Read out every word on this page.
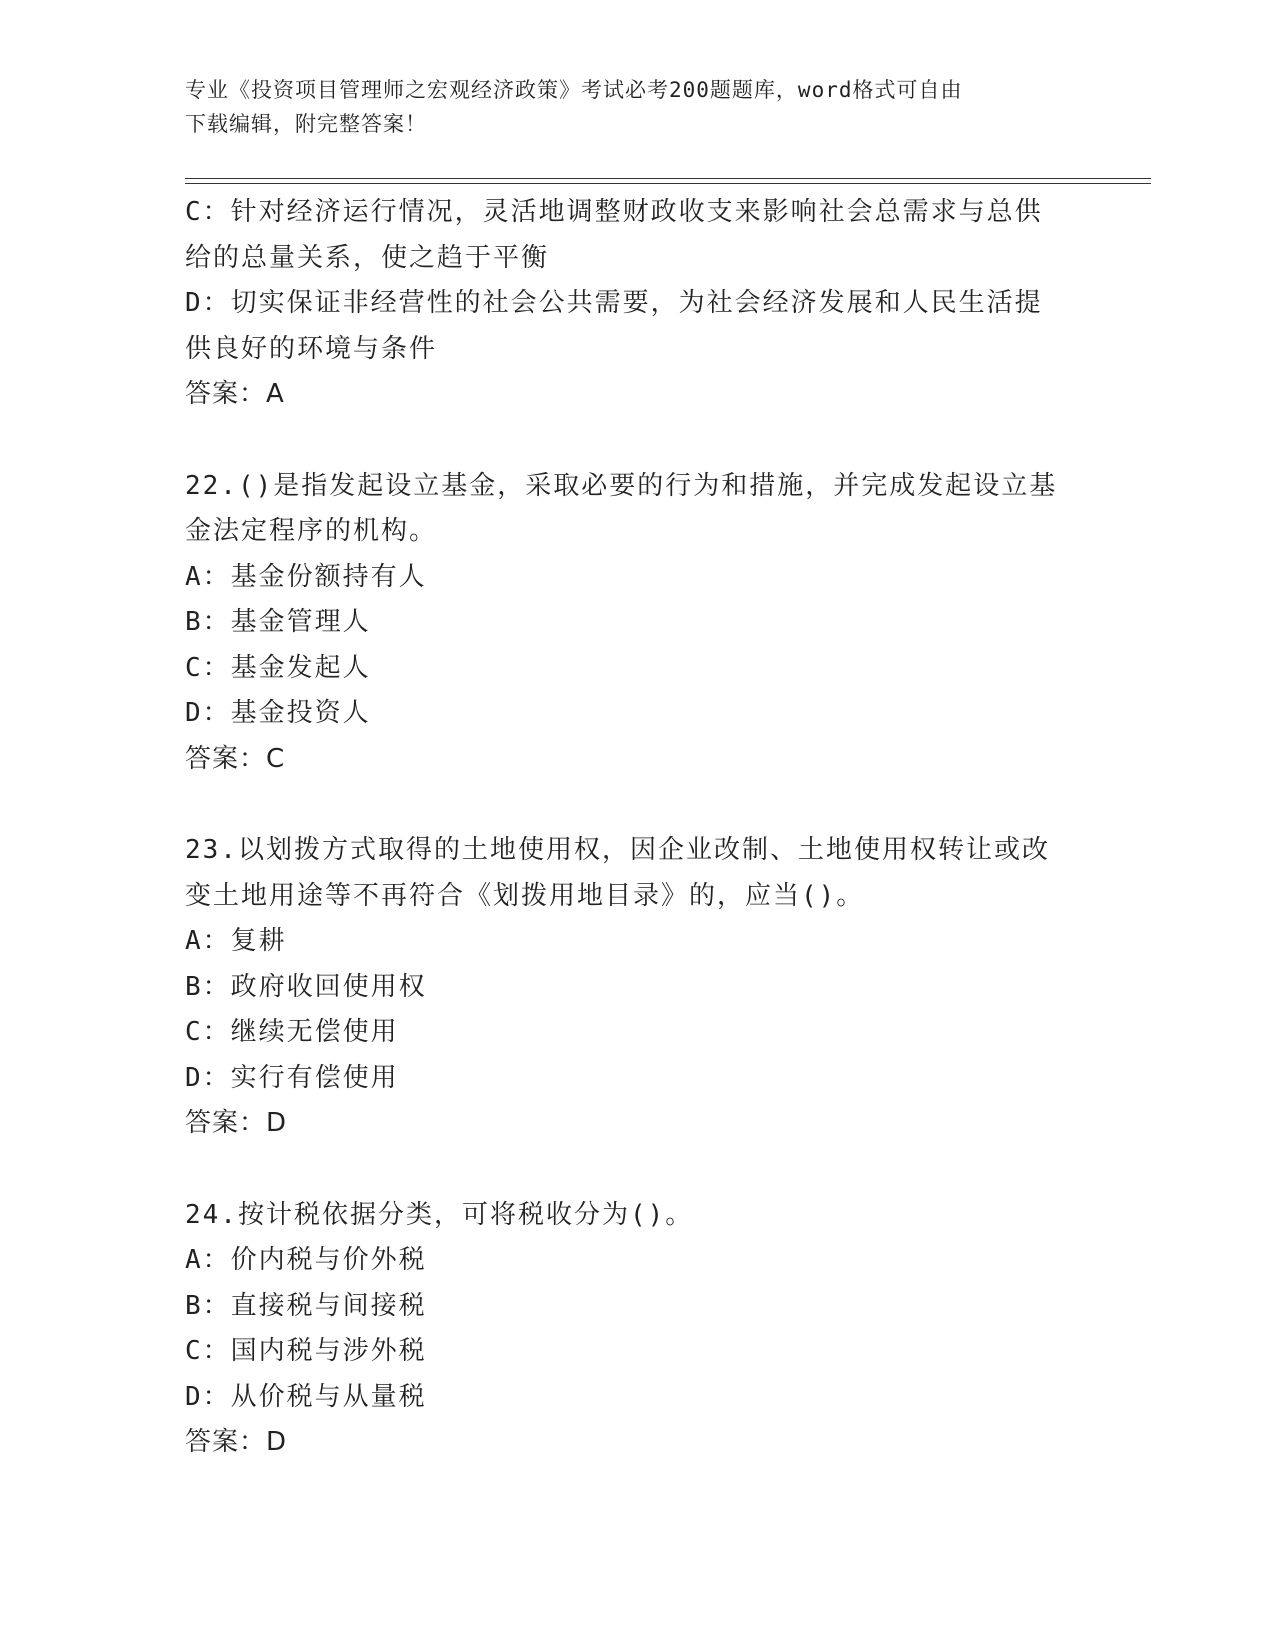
专业《投资项目管理师之宏观经济政策》考试必考200题题库，word格式可自由
下载编辑，附完整答案！
C：针对经济运行情况，灵活地调整财政收支来影响社会总需求与总供
给的总量关系，使之趋于平衡
D：切实保证非经营性的社会公共需要，为社会经济发展和人民生活提
供良好的环境与条件
答案：A
22.()是指发起设立基金，采取必要的行为和措施，并完成发起设立基
金法定程序的机构。
A：基金份额持有人
B：基金管理人
C：基金发起人
D：基金投资人
答案：C
23.以划拨方式取得的土地使用权，因企业改制、土地使用权转让或改
变土地用途等不再符合《划拨用地目录》的，应当()。
A：复耕
B：政府收回使用权
C：继续无偿使用
D：实行有偿使用
答案：D
24.按计税依据分类，可将税收分为()。
A：价内税与价外税
B：直接税与间接税
C：国内税与涉外税
D：从价税与从量税
答案：D
